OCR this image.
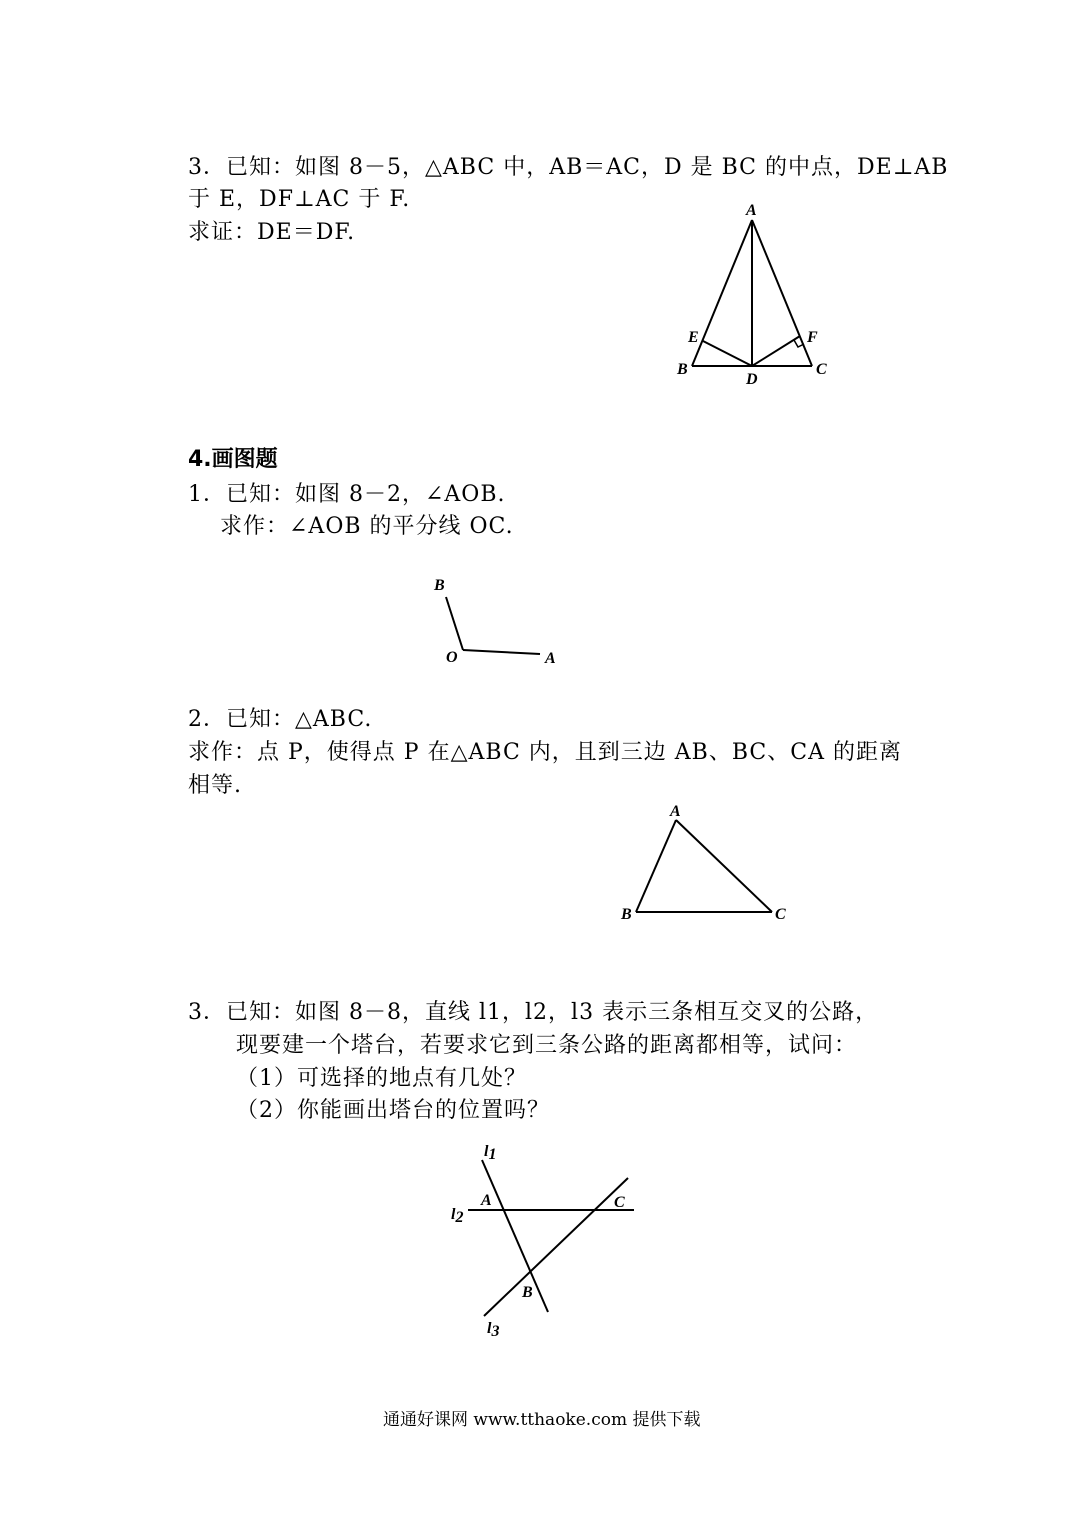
3．已知：如图 8－5，△ABC 中，AB＝AC，D 是 BC 的中点，DE⊥AB
于 E，DF⊥AC 于 F.
求证：DE＝DF.
4.画图题
1．已知：如图 8－2，∠AOB.
求作：∠AOB 的平分线 OC.
2．已知：△ABC.
求作：点 P，使得点 P 在△ABC 内，且到三边 AB、BC、CA 的距离
相等.
3．已知：如图 8－8，直线 l1，l2，l3 表示三条相互交叉的公路，
现要建一个塔台，若要求它到三条公路的距离都相等，试问：
（1）可选择的地点有几处？
（2）你能画出塔台的位置吗？
通通好课网 www.tthaoke.com 提供下载
A
B	C
D
E	F
B
O	A
A
B	C
l1
l2
l3
A
B
C
